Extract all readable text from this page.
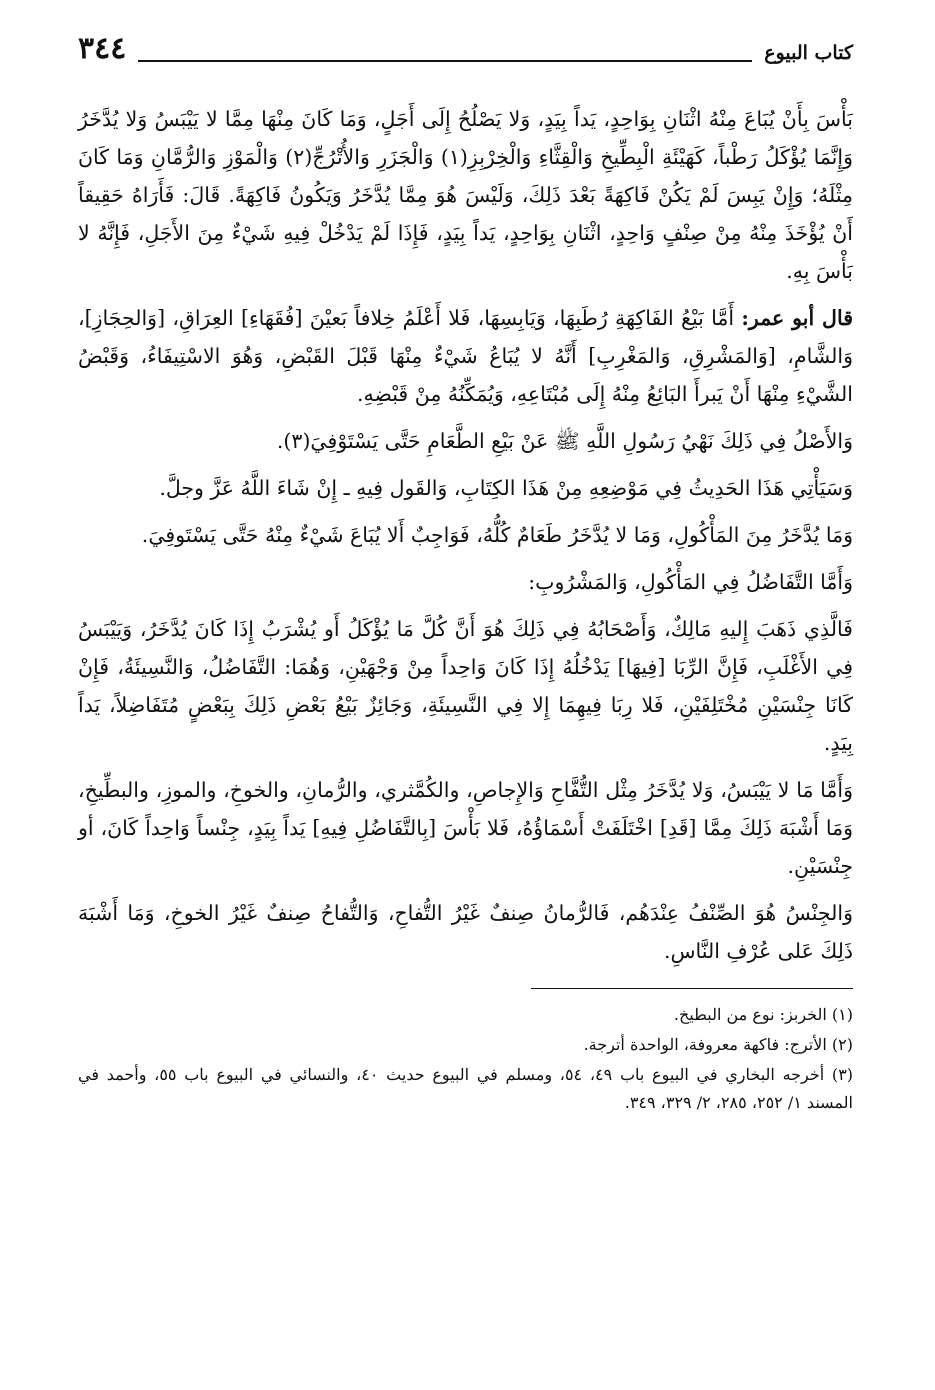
كتاب البيوع
٣٤٤

بَأْسَ بِأَنْ يُبَاعَ مِنْهُ اثْنَانِ بِوَاحِدٍ، يَداً بِيَدٍ، وَلا يَصْلُحُ إِلَى أَجَلٍ، وَمَا كَانَ مِنْهَا مِمَّا لا يَيْبَسُ وَلا يُدَّخَرُ وَإِنَّمَا يُؤْكَلُ رَطْباً، كَهَيْئَةِ الْبِطِّيخِ وَالْقِثَّاءِ وَالْخِرْبِزِ(١) وَالْجَزَرِ وَالأُتْرُجِّ(٢) وَالْمَوْزِ وَالرُّمَّانِ وَمَا كَانَ مِثْلَهُ؛ وَإِنْ يَبِسَ لَمْ يَكُنْ فَاكِهَةً بَعْدَ ذَلِكَ، وَلَيْسَ هُوَ مِمَّا يُدَّخَرُ وَيَكُونُ فَاكِهَةً. قَالَ: فَأَرَاهُ حَقِيقاً أَنْ يُؤْخَذَ مِنْهُ مِنْ صِنْفٍ وَاحِدٍ، اثْنَانِ بِوَاحِدٍ، يَداً بِيَدٍ، فَإِذَا لَمْ يَدْخُلْ فِيهِ شَيْءٌ مِنَ الأَجَلِ، فَإِنَّهُ لا بَأْسَ بِهِ.

قال أبو عمر: أَمَّا بَيْعُ الفَاكِهَةِ رُطَبِهَا، وَيَابِسِهَا، فَلا أَعْلَمُ خِلافاً بَعيْنَ [فُقَهَاءِ] العِرَاقِ، [وَالحِجَازِ]، وَالشَّامِ، [وَالمَشْرِقِ، وَالمَغْرِبِ] أَنَّهُ لا يُبَاعُ شَيْءٌ مِنْهَا قَبْلَ القَبْضِ، وَهُوَ الاسْتِيفَاءُ، وَقَبْضُ الشَّيْءِ مِنْهَا أَنْ يَبرأَ البَائِعُ مِنْهُ إِلَى مُبْتَاعِهِ، وَيُمَكِّنُهُ مِنْ قَبْضِهِ.

وَالأَصْلُ فِي ذَلِكَ نَهْيُ رَسُولِ اللَّهِ ﷺ عَنْ بَيْعِ الطَّعَامِ حَتَّى يَسْتَوْفِيَ(٣).

وَسَيَأْتِي هَذَا الحَدِيثُ فِي مَوْضِعِهِ مِنْ هَذَا الكِتَابِ، وَالقَول فِيهِ ـ إِنْ شَاءَ اللَّهُ عَزَّ وجلَّ.

وَمَا يُدَّخَرُ مِنَ المَأْكُولِ، وَمَا لا يُدَّخَرُ طَعَامٌ كُلُّهُ، فَوَاجِبٌ أَلا يُبَاعَ شَيْءٌ مِنْهُ حَتَّى يَسْتَوفِيَ.

وَأَمَّا التَّفَاضُلُ فِي المَأْكُولِ، وَالمَشْرُوبِ:

فَالَّذِي ذَهَبَ إِليهِ مَالِكٌ، وَأَصْحَابُهُ فِي ذَلِكَ هُوَ أَنَّ كُلَّ مَا يُؤْكَلُ أَو يُشْرَبُ إِذَا كَانَ يُدَّخَرُ، وَيَيْبَسُ فِي الأَغْلَبِ، فَإِنَّ الرِّبَا [فِيهَا] يَدْخُلُهُ إِذَا كَانَ وَاحِداً مِنْ وَجْهَيْنِ، وَهُمَا: التَّفَاضُلُ، وَالنَّسِيئَةُ، فَإِنْ كَانَا جِنْسَيْنِ مُخْتَلِفَيْنِ، فَلا رِبَا فِيهِمَا إِلا فِي النَّسِيئَةِ، وَجَائِزٌ بَيْعُ بَعْضِ ذَلِكَ بِبَعْضٍ مُتَفَاضِلاً، يَداً بِيَدٍ.

وَأَمَّا مَا لا يَيْبَسُ، وَلا يُدَّخَرُ مِثْل التُّفَّاحِ وَالإِجاصِ، والكُمَّثري، والرُّمانِ، والخوخِ، والموزِ، والبطِّيخِ، وَمَا أَشْبَهَ ذَلِكَ مِمَّا [قَدِ] اخْتَلَفَتْ أَسْمَاؤُهُ، فَلا بَأْسَ [بِالتَّفَاضُلِ فِيهِ] يَداً بِيَدٍ، جِنْساً وَاحِداً كَانَ، أو جِنْسَيْنِ.

وَالجِنْسُ هُوَ الصِّنْفُ عِنْدَهُم، فَالرُّمانُ صِنفٌ غَيْرُ التُّفاحِ، وَالتُّفاحُ صِنفٌ غَيْرُ الخوخِ، وَمَا أَشْبَهَ ذَلِكَ عَلى عُرْفِ النَّاسِ.

(١) الخربز: نوع من البطيخ.

(٢) الأترج: فاكهة معروفة، الواحدة أترجة.

(٣) أخرجه البخاري في البيوع باب ٤٩، ٥٤، ومسلم في البيوع حديث ٤٠، والنسائي في البيوع باب ٥٥، وأحمد في المسند ١/ ٢٥٢، ٢٨٥، ٢/ ٣٢٩، ٣٤٩.
